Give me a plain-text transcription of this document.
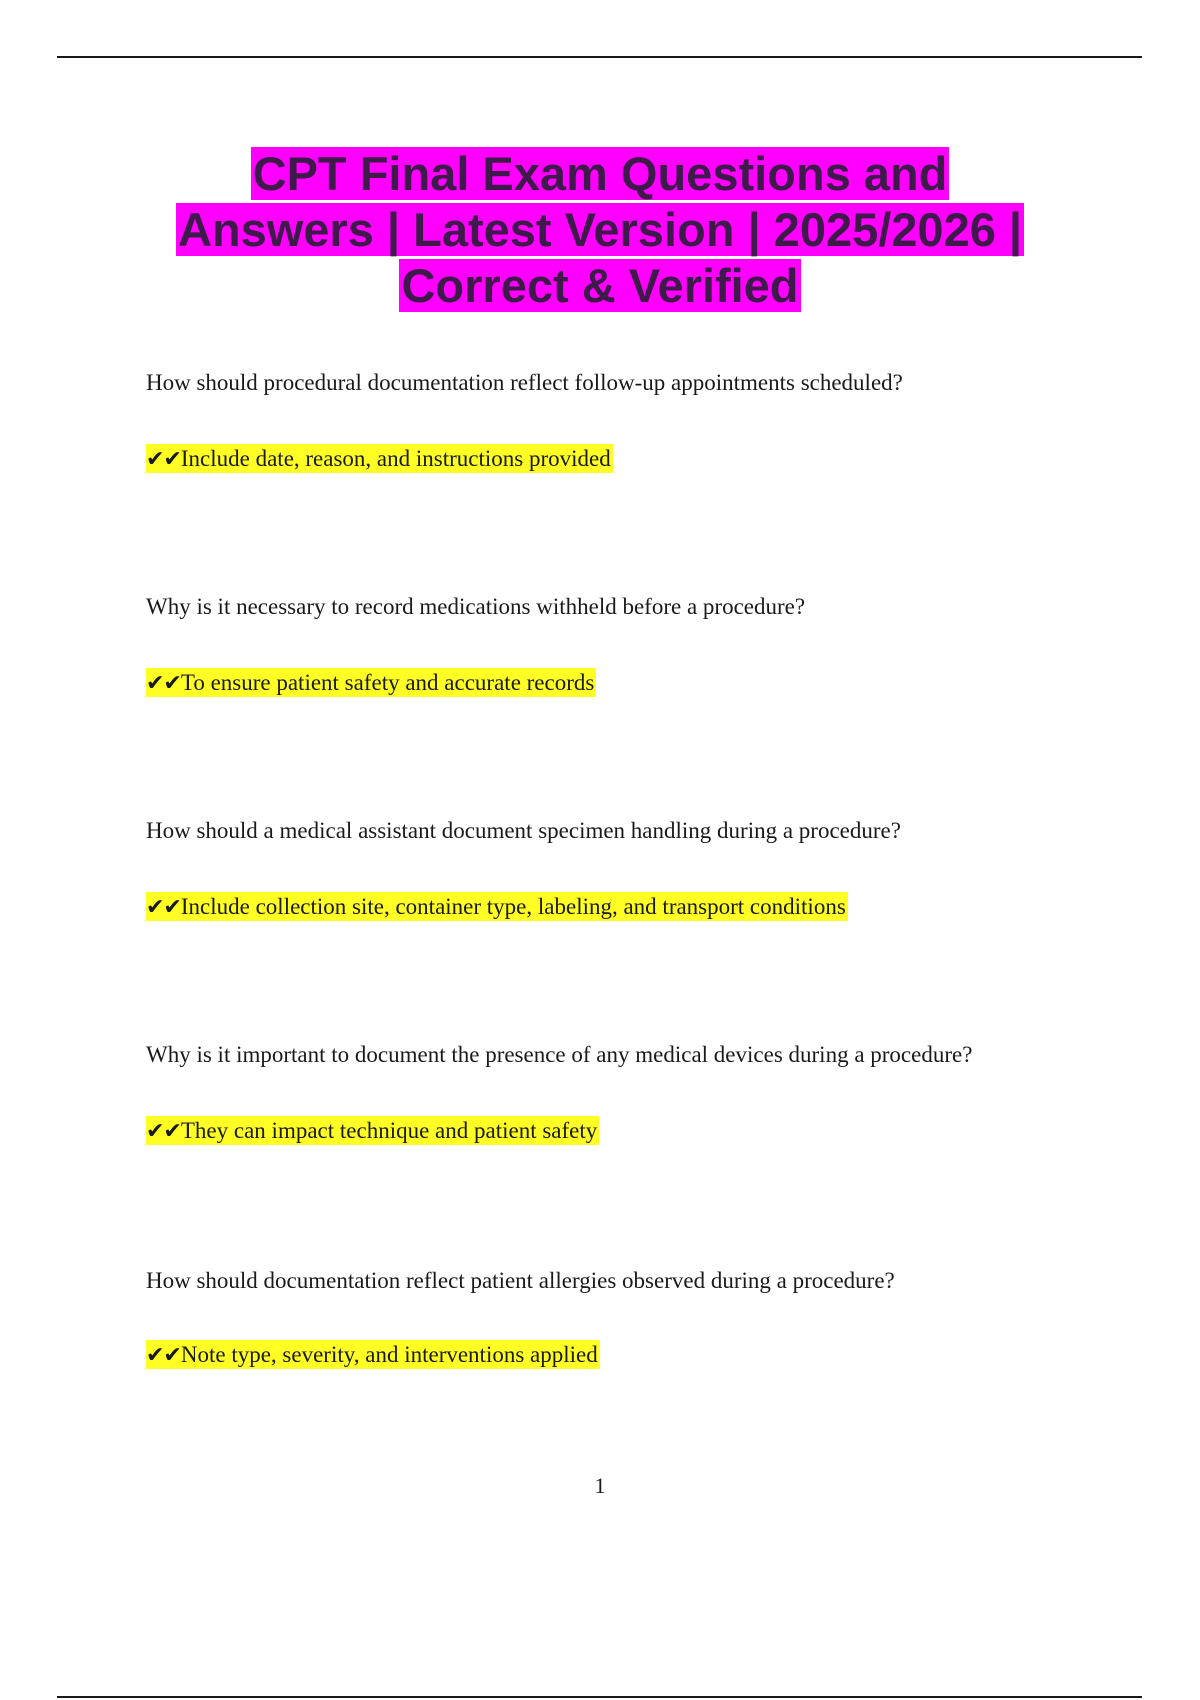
CPT Final Exam Questions and
Answers | Latest Version | 2025/2026 |
Correct & Verified
How should procedural documentation reflect follow-up appointments scheduled?
✔✔Include date, reason, and instructions provided
Why is it necessary to record medications withheld before a procedure?
✔✔To ensure patient safety and accurate records
How should a medical assistant document specimen handling during a procedure?
✔✔Include collection site, container type, labeling, and transport conditions
Why is it important to document the presence of any medical devices during a procedure?
✔✔They can impact technique and patient safety
How should documentation reflect patient allergies observed during a procedure?
✔✔Note type, severity, and interventions applied
1
